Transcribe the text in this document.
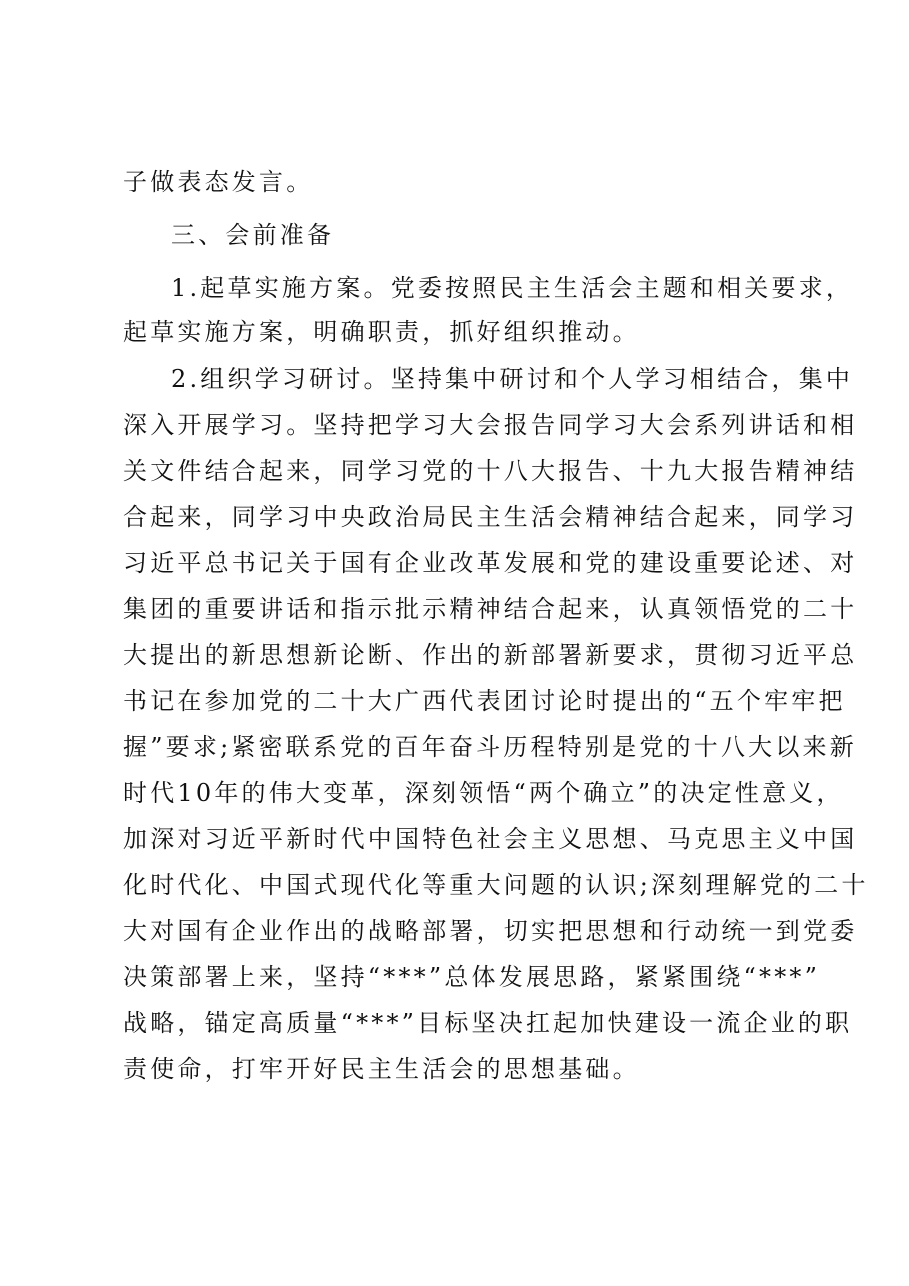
子做表态发言。
三、会前准备
1.起草实施方案。党委按照民主生活会主题和相关要求，
起草实施方案，明确职责，抓好组织推动。
2.组织学习研讨。坚持集中研讨和个人学习相结合，集中
深入开展学习。坚持把学习大会报告同学习大会系列讲话和相
关文件结合起来，同学习党的十八大报告、十九大报告精神结
合起来，同学习中央政治局民主生活会精神结合起来，同学习
习近平总书记关于国有企业改革发展和党的建设重要论述、对
集团的重要讲话和指示批示精神结合起来，认真领悟党的二十
大提出的新思想新论断、作出的新部署新要求，贯彻习近平总
书记在参加党的二十大广西代表团讨论时提出的“五个牢牢把
握”要求;紧密联系党的百年奋斗历程特别是党的十八大以来新
时代10年的伟大变革，深刻领悟“两个确立”的决定性意义，
加深对习近平新时代中国特色社会主义思想、马克思主义中国
化时代化、中国式现代化等重大问题的认识;深刻理解党的二十
大对国有企业作出的战略部署，切实把思想和行动统一到党委
决策部署上来，坚持“***”总体发展思路，紧紧围绕“***”
战略，锚定高质量“***”目标坚决扛起加快建设一流企业的职
责使命，打牢开好民主生活会的思想基础。
